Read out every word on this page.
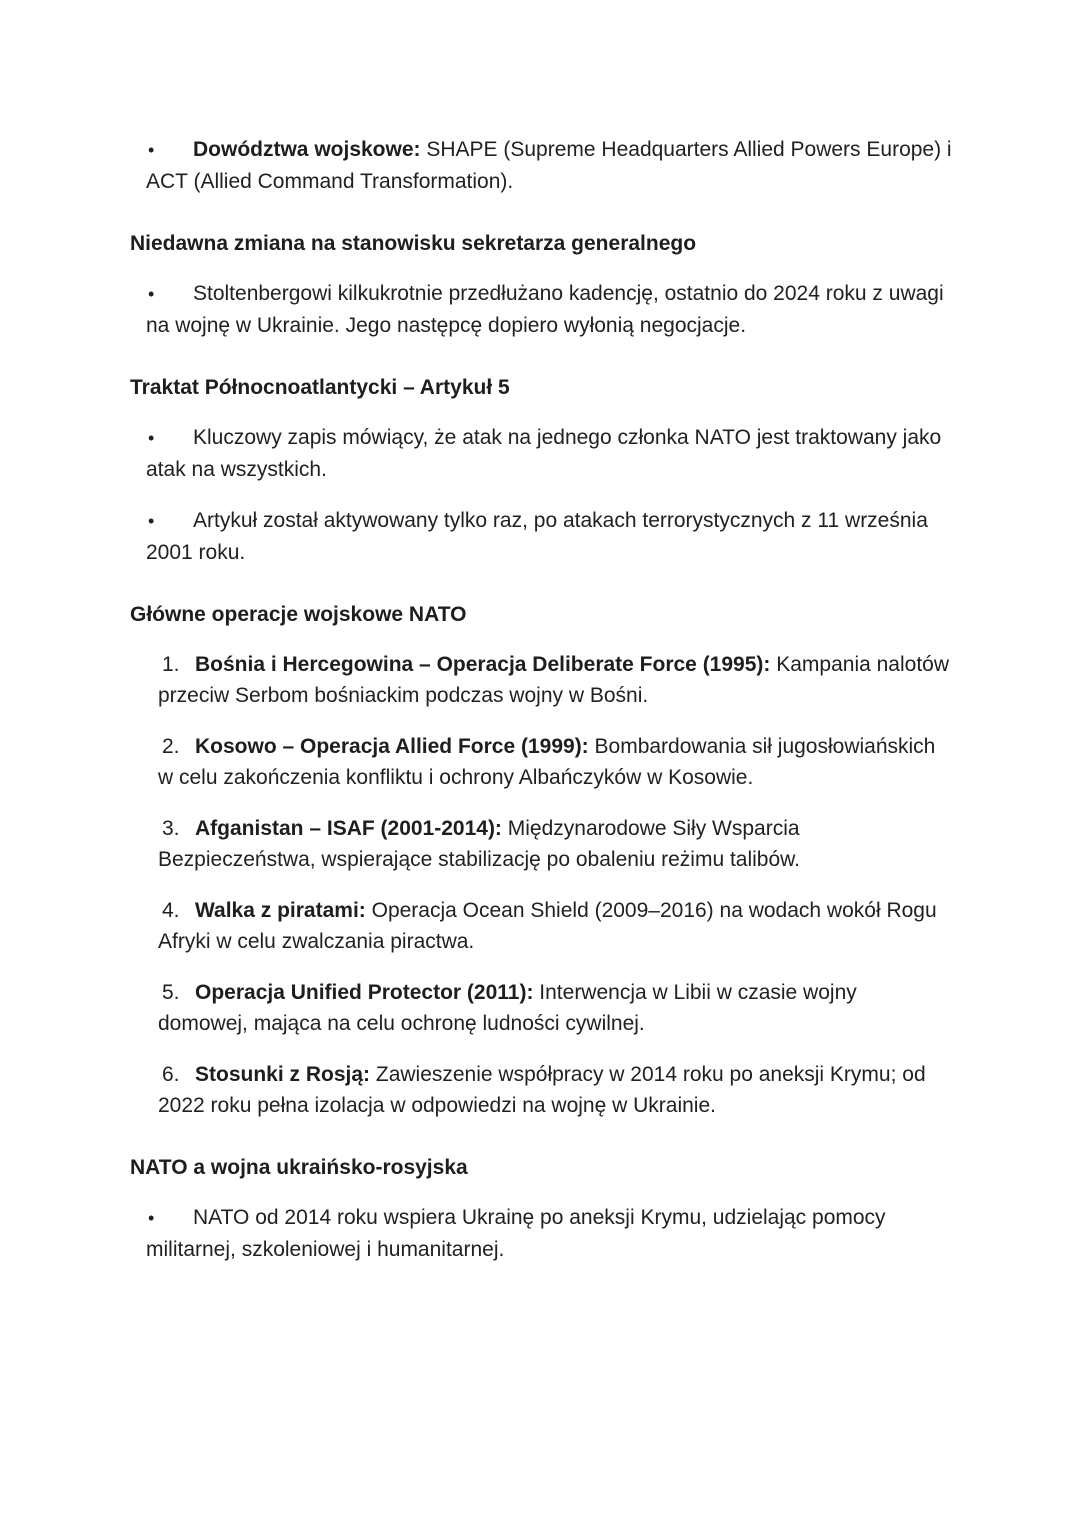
• Dowództwa wojskowe: SHAPE (Supreme Headquarters Allied Powers Europe) i ACT (Allied Command Transformation).

Niedawna zmiana na stanowisku sekretarza generalnego

• Stoltenbergowi kilkukrotnie przedłużano kadencję, ostatnio do 2024 roku z uwagi na wojnę w Ukrainie. Jego następcę dopiero wyłonią negocjacje.

Traktat Północnoatlantycki – Artykuł 5

• Kluczowy zapis mówiący, że atak na jednego członka NATO jest traktowany jako atak na wszystkich.

• Artykuł został aktywowany tylko raz, po atakach terrorystycznych z 11 września 2001 roku.

Główne operacje wojskowe NATO

1. Bośnia i Hercegowina – Operacja Deliberate Force (1995): Kampania nalotów przeciw Serbom bośniackim podczas wojny w Bośni.

2. Kosowo – Operacja Allied Force (1999): Bombardowania sił jugosłowiańskich w celu zakończenia konfliktu i ochrony Albańczyków w Kosowie.

3. Afganistan – ISAF (2001-2014): Międzynarodowe Siły Wsparcia Bezpieczeństwa, wspierające stabilizację po obaleniu reżimu talibów.

4. Walka z piratami: Operacja Ocean Shield (2009–2016) na wodach wokół Rogu Afryki w celu zwalczania piractwa.

5. Operacja Unified Protector (2011): Interwencja w Libii w czasie wojny domowej, mająca na celu ochronę ludności cywilnej.

6. Stosunki z Rosją: Zawieszenie współpracy w 2014 roku po aneksji Krymu; od 2022 roku pełna izolacja w odpowiedzi na wojnę w Ukrainie.

NATO a wojna ukraińsko-rosyjska

• NATO od 2014 roku wspiera Ukrainę po aneksji Krymu, udzielając pomocy militarnej, szkoleniowej i humanitarnej.
